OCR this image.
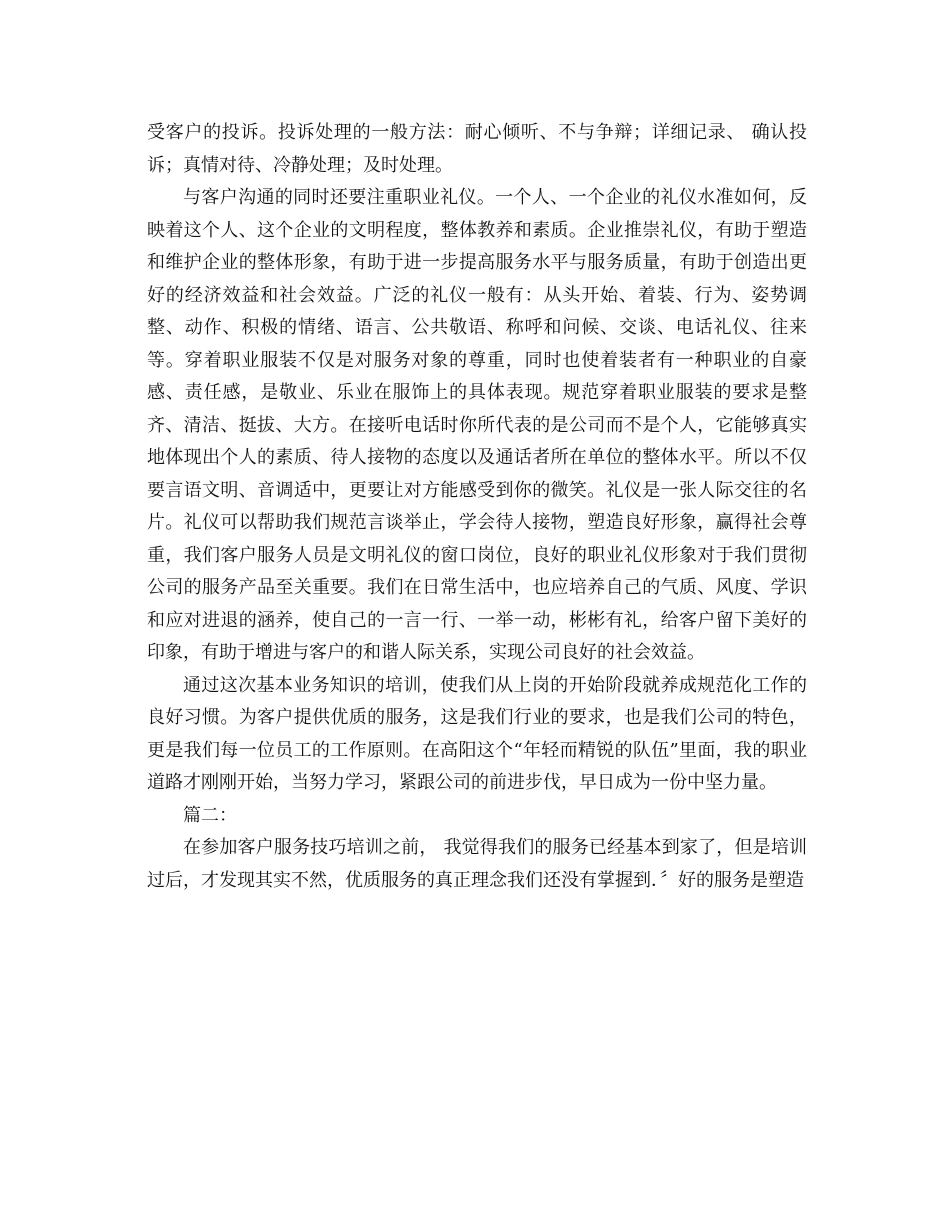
受客户的投诉。投诉处理的一般方法：耐心倾听、不与争辩；详细记录、 确认投诉；真情对待、冷静处理；及时处理。

与客户沟通的同时还要注重职业礼仪。一个人、一个企业的礼仪水准如何，反映着这个人、这个企业的文明程度，整体教养和素质。企业推崇礼仪，有助于塑造和维护企业的整体形象，有助于进一步提高服务水平与服务质量，有助于创造出更好的经济效益和社会效益。广泛的礼仪一般有：从头开始、着装、行为、姿势调整、动作、积极的情绪、语言、公共敬语、称呼和问候、交谈、电话礼仪、往来等。穿着职业服装不仅是对服务对象的尊重，同时也使着装者有一种职业的自豪感、责任感，是敬业、乐业在服饰上的具体表现。规范穿着职业服装的要求是整齐、清洁、挺拔、大方。在接听电话时你所代表的是公司而不是个人，它能够真实地体现出个人的素质、待人接物的态度以及通话者所在单位的整体水平。所以不仅要言语文明、音调适中，更要让对方能感受到你的微笑。礼仪是一张人际交往的名片。礼仪可以帮助我们规范言谈举止，学会待人接物，塑造良好形象，赢得社会尊重，我们客户服务人员是文明礼仪的窗口岗位，良好的职业礼仪形象对于我们贯彻公司的服务产品至关重要。我们在日常生活中，也应培养自己的气质、风度、学识和应对进退的涵养，使自己的一言一行、一举一动，彬彬有礼，给客户留下美好的印象，有助于增进与客户的和谐人际关系，实现公司良好的社会效益。

通过这次基本业务知识的培训，使我们从上岗的开始阶段就养成规范化工作的良好习惯。为客户提供优质的服务，这是我们行业的要求，也是我们公司的特色，更是我们每一位员工的工作原则。在高阳这个“年轻而精锐的队伍”里面，我的职业道路才刚刚开始，当努力学习，紧跟公司的前进步伐，早日成为一份中坚力量。

篇二：

在参加客户服务技巧培训之前， 我觉得我们的服务已经基本到家了，但是培训过后，才发现其实不然，优质服务的真正理念我们还没有掌握到．〞好的服务是塑造
